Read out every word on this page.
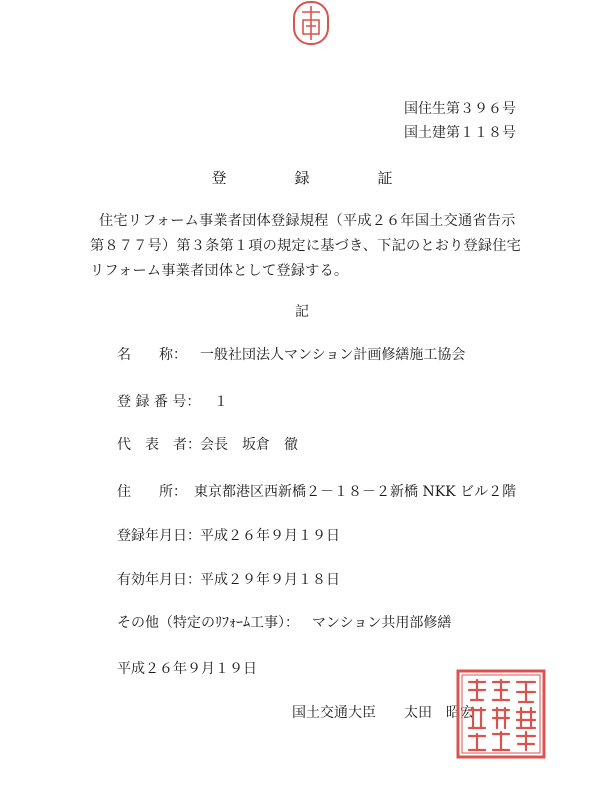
国住生第３９６号
国土建第１１８号
登	録	証
住宅リフォーム事業者団体登録規程（平成２６年国土交通省告示
第８７７号）第３条第１項の規定に基づき、下記のとおり登録住宅
リフォーム事業者団体として登録する。
記
名　　称： 一般社団法人マンション計画修繕施工協会
登 録 番 号： 　１
代　表　者： 会長　坂倉　徹
住　　所： 東京都港区西新橋２－１８－２新橋 NKK ビル２階
登録年月日： 平成２６年９月１９日
有効年月日： 平成２９年９月１８日
その他（特定のﾘﾌｫｰﾑ工事）： マンション共用部修繕
平成２６年９月１９日
国土交通大臣　　太田　昭宏
